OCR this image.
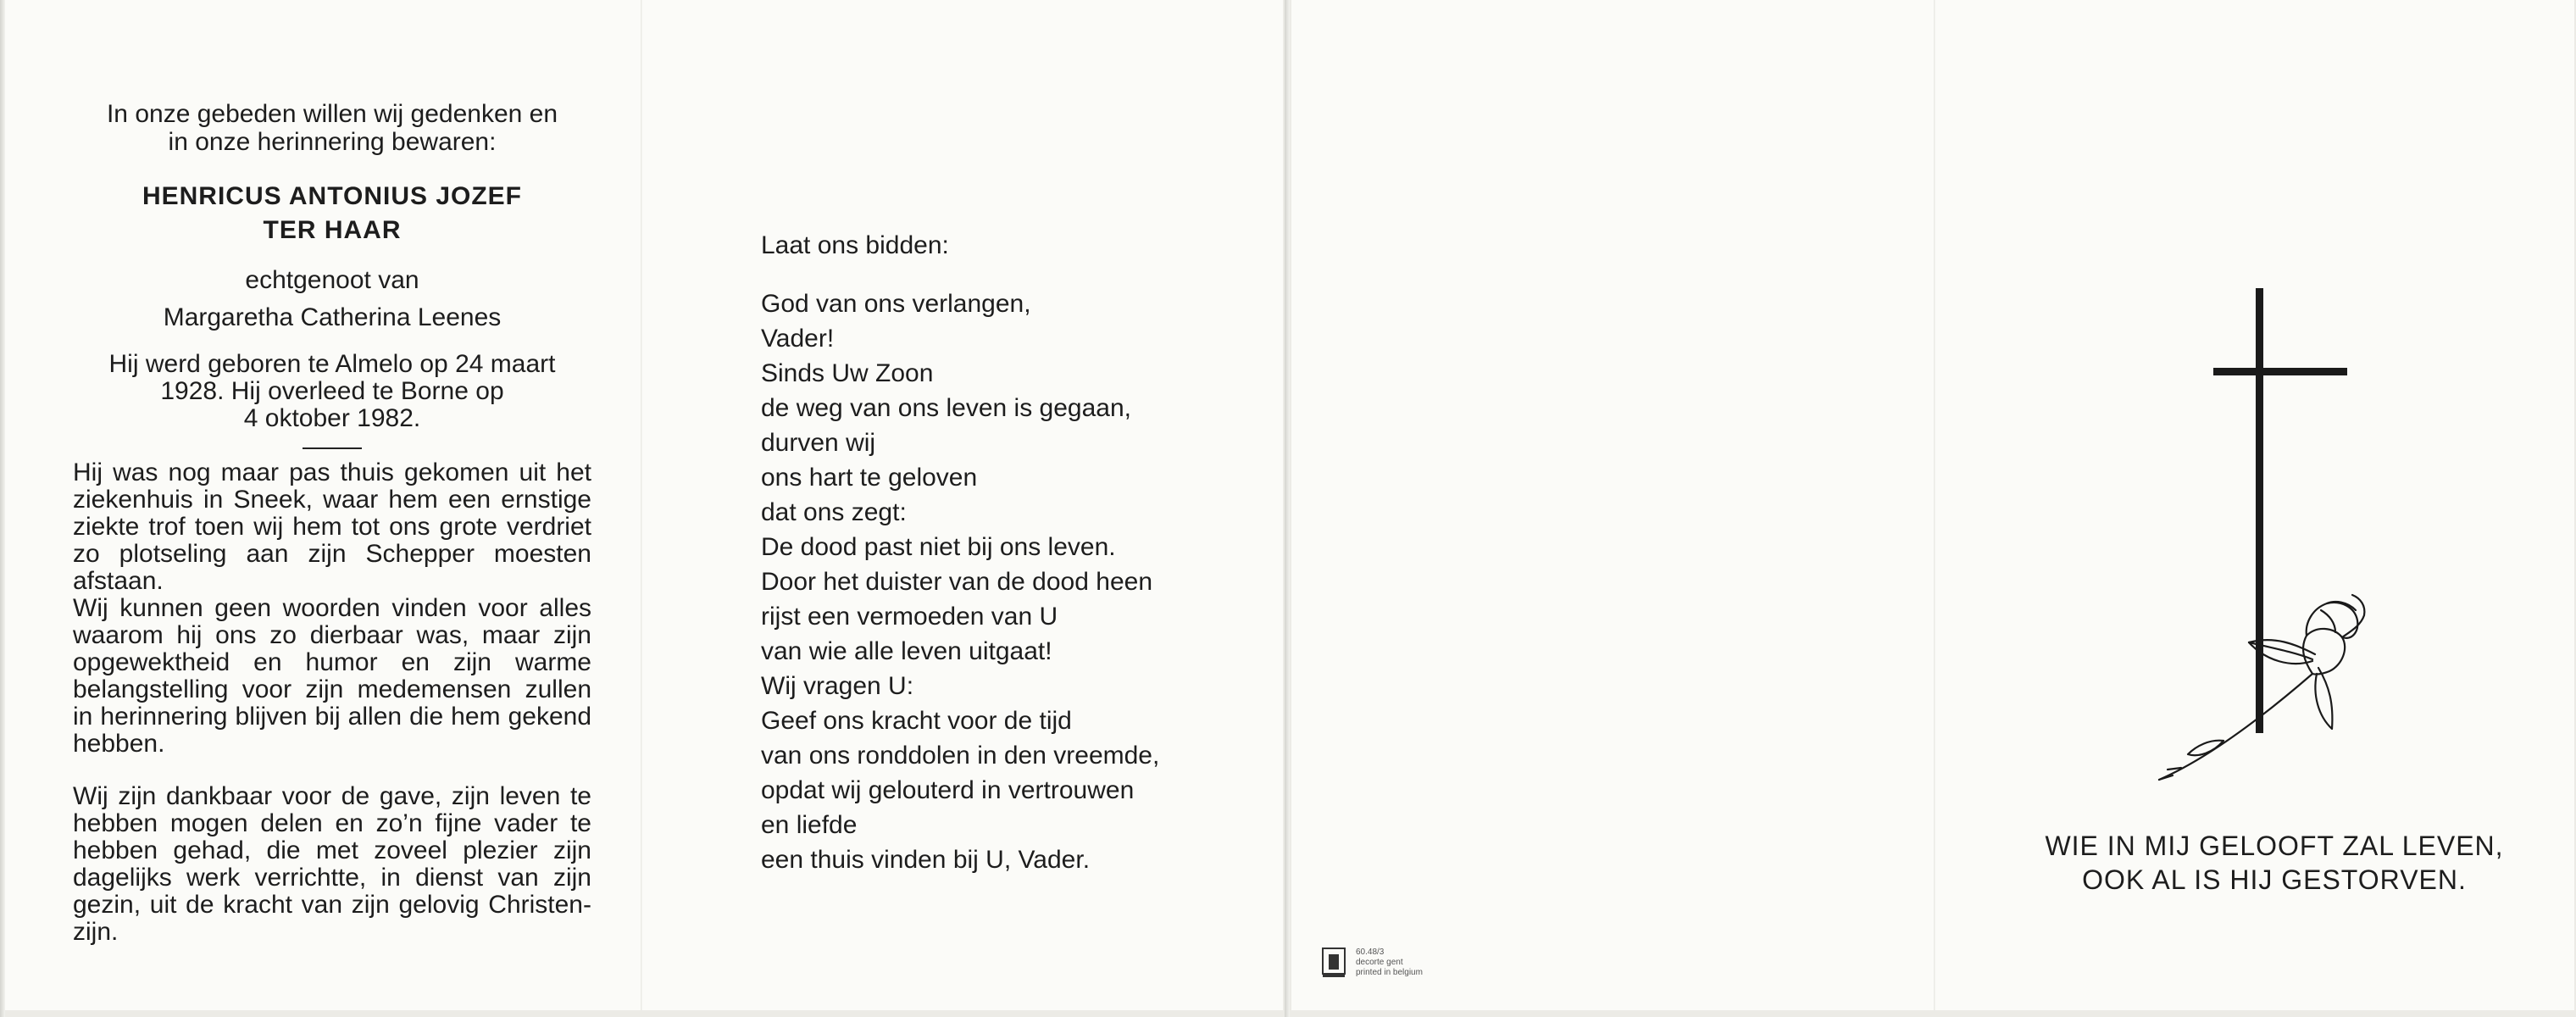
In onze gebeden willen wij gedenken en
in onze herinnering bewaren:

HENRICUS ANTONIUS JOZEF
TER HAAR

echtgenoot van

Margaretha Catherina Leenes

Hij werd geboren te Almelo op 24 maart
1928. Hij overleed te Borne op
4 oktober 1982.

Hij was nog maar pas thuis gekomen uit het ziekenhuis in Sneek, waar hem een ernstige ziekte trof toen wij hem tot ons grote verdriet zo plotseling aan zijn Schepper moesten afstaan.

Wij kunnen geen woorden vinden voor alles waarom hij ons zo dierbaar was, maar zijn opgewektheid en humor en zijn warme belangstelling voor zijn medemensen zullen in herinnering blijven bij allen die hem gekend hebben.

Wij zijn dankbaar voor de gave, zijn leven te hebben mogen delen en zo’n fijne vader te hebben gehad, die met zoveel plezier zijn dagelijks werk verrichtte, in dienst van zijn gezin, uit de kracht van zijn gelovig Christen-zijn.

Laat ons bidden:

God van ons verlangen,

Vader!

Sinds Uw Zoon

de weg van ons leven is gegaan,

durven wij

ons hart te geloven

dat ons zegt:

De dood past niet bij ons leven.

Door het duister van de dood heen

rijst een vermoeden van U

van wie alle leven uitgaat!

Wij vragen U:

Geef ons kracht voor de tijd

van ons ronddolen in den vreemde,

opdat wij gelouterd in vertrouwen

en liefde

een thuis vinden bij U, Vader.

60.48/3
decorte gent
printed in belgium

WIE IN MIJ GELOOFT ZAL LEVEN,

OOK AL IS HIJ GESTORVEN.
